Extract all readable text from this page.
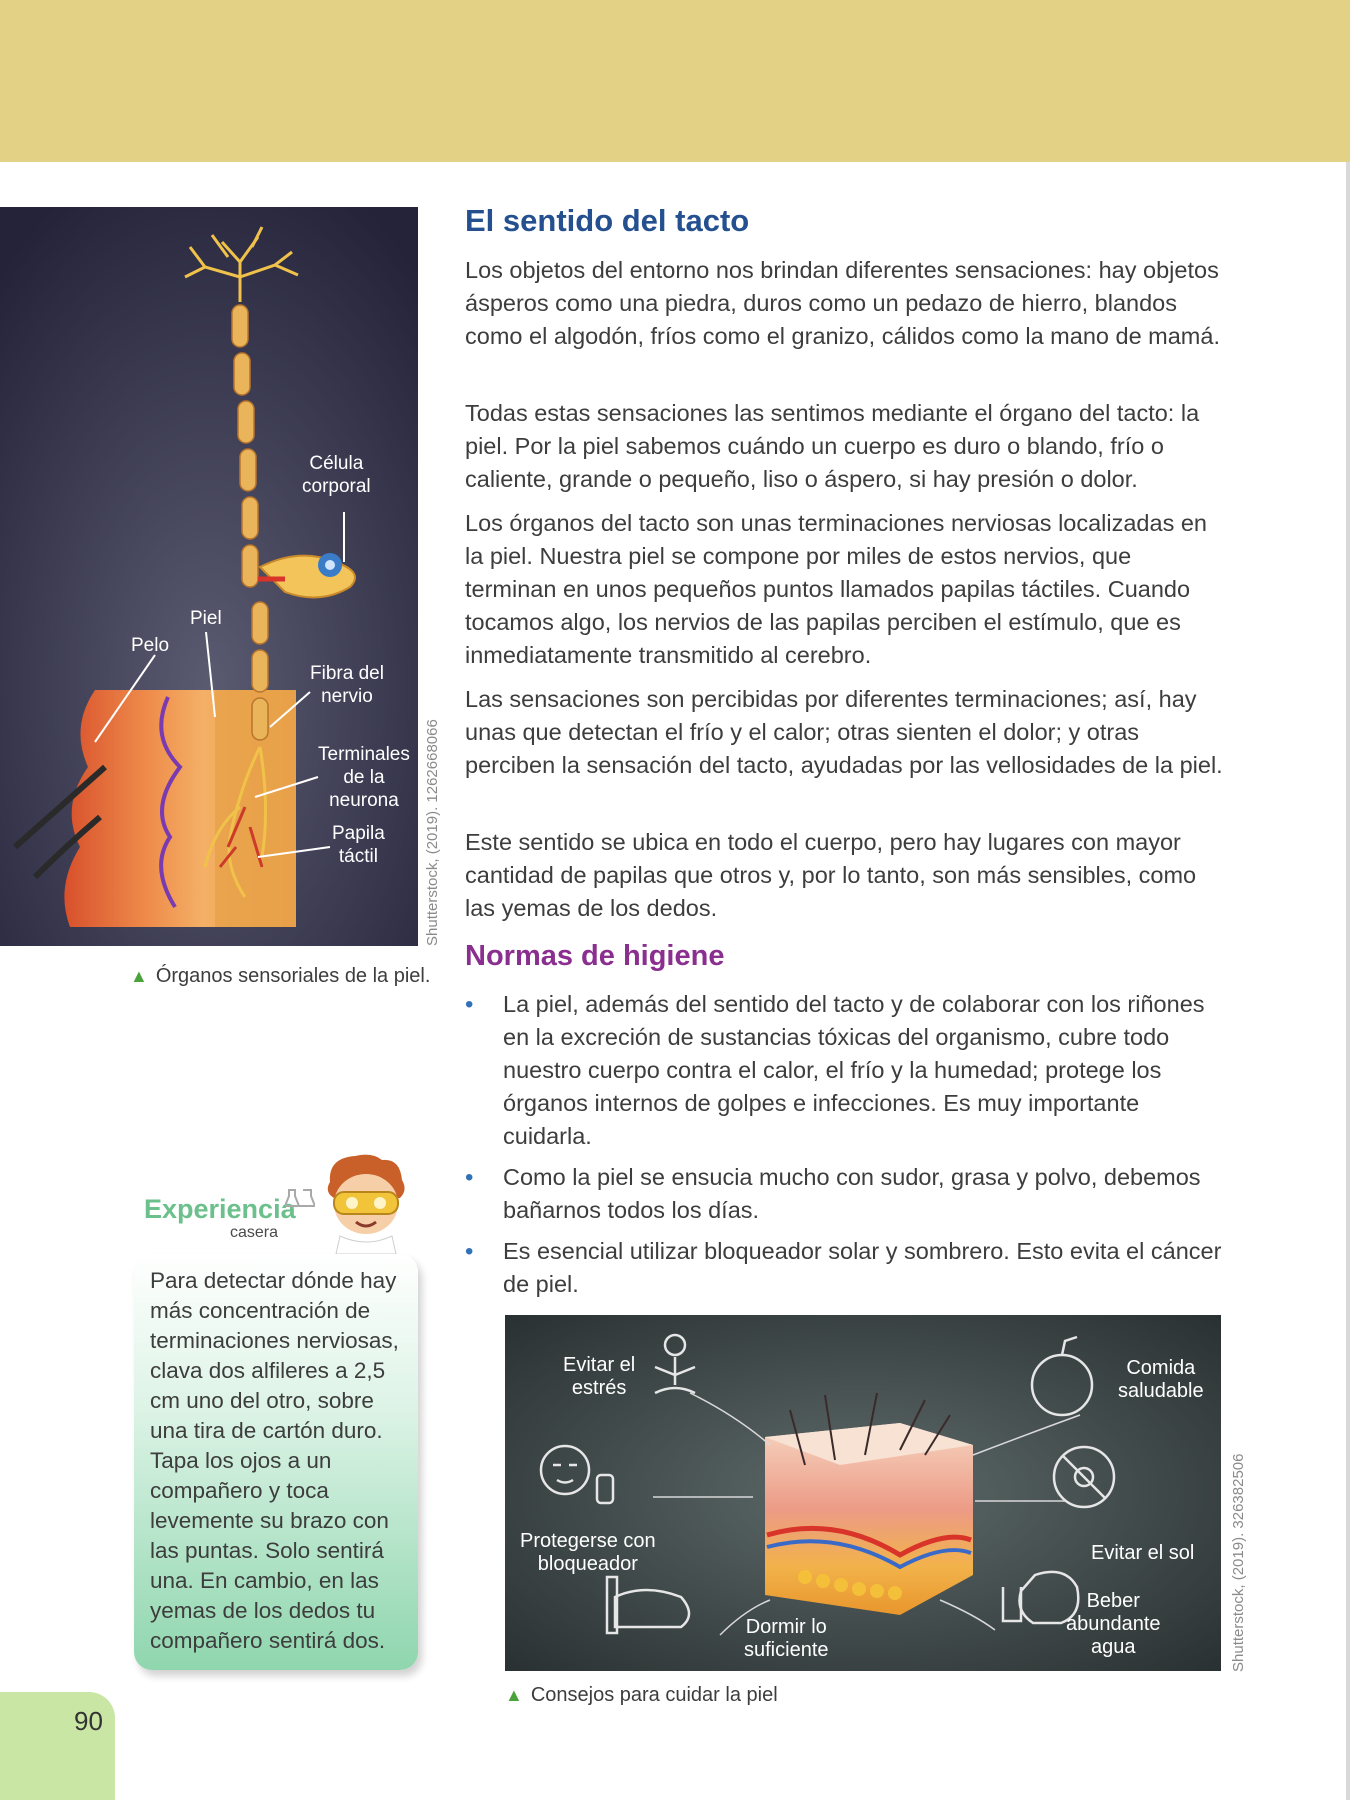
Célula
corporal
Piel
Pelo
Fibra del
nervio
Terminales
de la
neurona
Papila
táctil	Shutterstock, (2019). 1262668066
▲ Órganos sensoriales de la piel.
El sentido del tacto

Los objetos del entorno nos brindan diferentes sensaciones: hay objetos ásperos como una piedra, duros como un pedazo de hierro, blandos como el algodón, fríos como el granizo, cálidos como la mano de mamá.

Todas estas sensaciones las sentimos mediante el órgano del tacto: la piel. Por la piel sabemos cuándo un cuerpo es duro o blando, frío o caliente, grande o pequeño, liso o áspero, si hay presión o dolor.

Los órganos del tacto son unas terminaciones nerviosas localizadas en la piel. Nuestra piel se compone por miles de estos nervios, que terminan en unos pequeños puntos llamados papilas táctiles. Cuando tocamos algo, los nervios de las papilas perciben el estímulo, que es inmediatamente transmitido al cerebro.

Las sensaciones son percibidas por diferentes terminaciones; así, hay unas que detectan el frío y el calor; otras sienten el dolor; y otras perciben la sensación del tacto, ayudadas por las vellosidades de la piel.

Este sentido se ubica en todo el cuerpo, pero hay lugares con mayor cantidad de papilas que otros y, por lo tanto, son más sensibles, como las yemas de los dedos.

Normas de higiene
• La piel, además del sentido del tacto y de colaborar con los riñones en la excreción de sustancias tóxicas del organismo, cubre todo nuestro cuerpo contra el calor, el frío y la humedad; protege los órganos internos de golpes e infecciones. Es muy importante cuidarla.
• Como la piel se ensucia mucho con sudor, grasa y polvo, debemos bañarnos todos los días.
• Es esencial utilizar bloqueador solar y sombrero. Esto evita el cáncer de piel.
Experiencia
casera

Para detectar dónde hay más concentración de terminaciones nerviosas, clava dos alfileres a 2,5 cm uno del otro, sobre una tira de cartón duro. Tapa los ojos a un compañero y toca levemente su brazo con las puntas. Solo sentirá una. En cambio, en las yemas de los dedos tu compañero sentirá dos.

Evitar el
estrés
Comida
saludable
Protegerse con
bloqueador	Evitar el sol
Beber
abundante
agua
Dormir lo
suficiente	Shutterstock, (2019). 326382506
▲ Consejos para cuidar la piel
90
